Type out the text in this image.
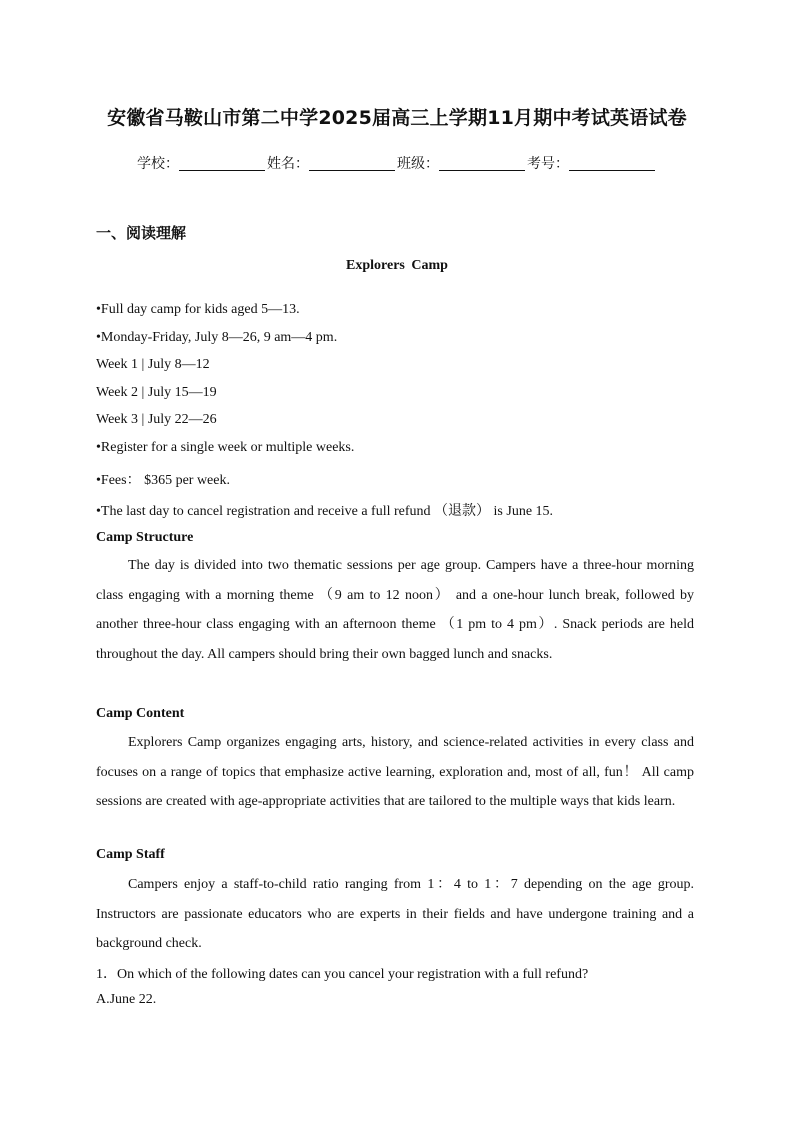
安徽省马鞍山市第二中学2025届高三上学期11月期中考试英语试卷
学校：	姓名：	班级：	考号：
一、阅读理解
Explorers Camp
•Full day camp for kids aged 5—13.
•Monday-Friday, July 8—26, 9 am—4 pm.
Week 1 | July 8—12
Week 2 | July 15—19
Week 3 | July 22—26
•Register for a single week or multiple weeks.
•Fees： $365 per week.
•The last day to cancel registration and receive a full refund （退款） is June 15.
Camp Structure
The day is divided into two thematic sessions per age group. Campers have a three-hour morning class engaging with a morning theme （9 am to 12 noon） and a one-hour lunch break, followed by another three-hour class engaging with an afternoon theme （1 pm to 4 pm）. Snack periods are held throughout the day. All campers should bring their own bagged lunch and snacks.
Camp Content
Explorers Camp organizes engaging arts, history, and science-related activities in every class and focuses on a range of topics that emphasize active learning, exploration and, most of all, fun！ All camp sessions are created with age-appropriate activities that are tailored to the multiple ways that kids learn.
Camp Staff
Campers enjoy a staff-to-child ratio ranging from 1：4 to 1：7 depending on the age group. Instructors are passionate educators who are experts in their fields and have undergone training and a background check.
1．On which of the following dates can you cancel your registration with a full refund?
A.June 22.
